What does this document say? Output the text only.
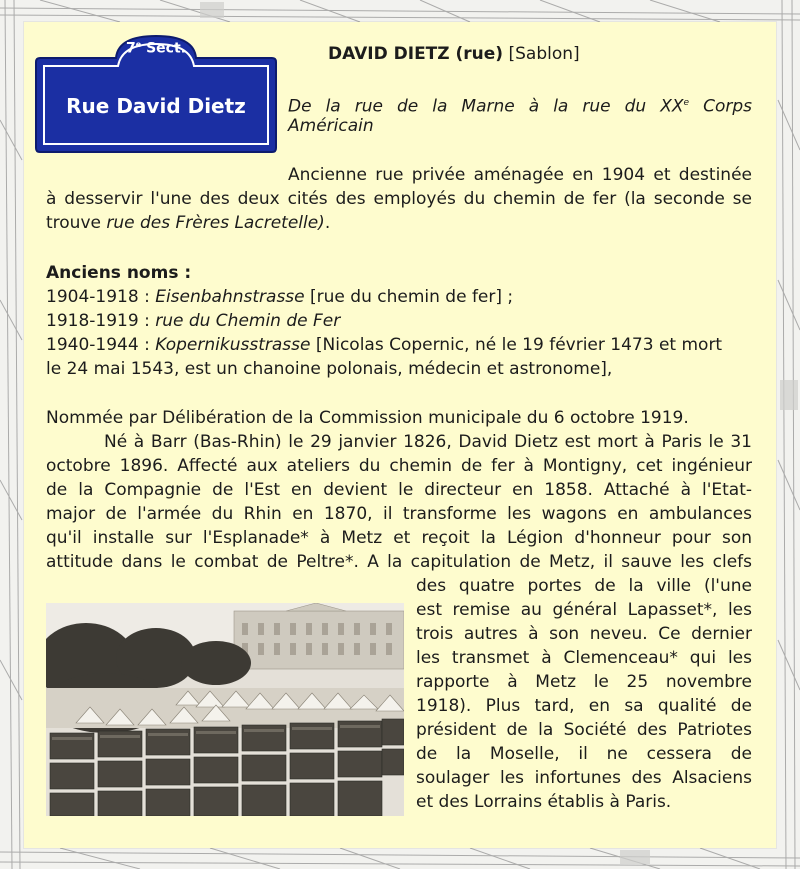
7e Sect.
Rue David Dietz
DAVID DIETZ (rue) [Sablon]
De la rue de la Marne à la rue du XXe Corps
Américain
Ancienne rue privée aménagée en 1904 et destinée
à desservir l'une des deux cités des employés du chemin de fer (la seconde se
trouve rue des Frères Lacretelle).
Anciens noms :
1904-1918 : Eisenbahnstrasse [rue du chemin de fer] ;
1918-1919 : rue du Chemin de Fer
1940-1944 : Kopernikusstrasse [Nicolas Copernic, né le 19 février 1473 et mort
le 24 mai 1543, est un chanoine polonais, médecin et astronome],
Nommée par Délibération de la Commission municipale du 6 octobre 1919.
Né à Barr (Bas-Rhin) le 29 janvier 1826, David Dietz est mort à Paris le 31
octobre 1896. Affecté aux ateliers du chemin de fer à Montigny, cet ingénieur
de la Compagnie de l'Est en devient le directeur en 1858. Attaché à l'Etat-
major de l'armée du Rhin en 1870, il transforme les wagons en ambulances
qu'il installe sur l'Esplanade* à Metz et reçoit la Légion d'honneur pour son
attitude dans le combat de Peltre*. A la capitulation de Metz, il sauve les clefs
des quatre portes de la ville (l'une
est remise au général Lapasset*, les
trois autres à son neveu. Ce dernier
les transmet à Clemenceau* qui les
rapporte à Metz le 25 novembre
1918). Plus tard, en sa qualité de
président de la Société des Patriotes
de la Moselle, il ne cessera de
soulager les infortunes des Alsaciens
et des Lorrains établis à Paris.
